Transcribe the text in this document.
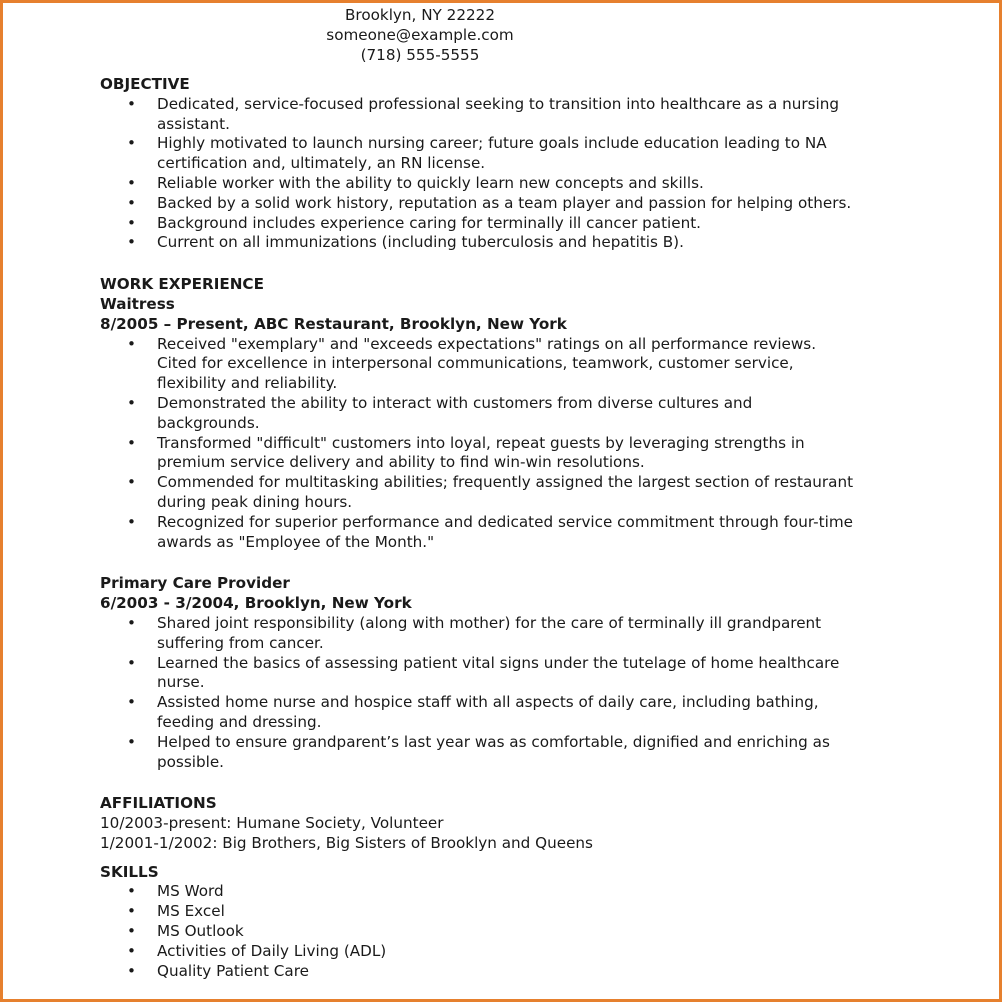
Brooklyn, NY 22222
someone@example.com
(718) 555-5555
OBJECTIVE
• Dedicated, service-focused professional seeking to transition into healthcare as a nursing
assistant.
• Highly motivated to launch nursing career; future goals include education leading to NA
certification and, ultimately, an RN license.
• Reliable worker with the ability to quickly learn new concepts and skills.
• Backed by a solid work history, reputation as a team player and passion for helping others.
• Background includes experience caring for terminally ill cancer patient.
• Current on all immunizations (including tuberculosis and hepatitis B).
WORK EXPERIENCE
Waitress
8/2005 – Present, ABC Restaurant, Brooklyn, New York
• Received "exemplary" and "exceeds expectations" ratings on all performance reviews.
Cited for excellence in interpersonal communications, teamwork, customer service,
flexibility and reliability.
• Demonstrated the ability to interact with customers from diverse cultures and
backgrounds.
• Transformed "difficult" customers into loyal, repeat guests by leveraging strengths in
premium service delivery and ability to find win-win resolutions.
• Commended for multitasking abilities; frequently assigned the largest section of restaurant
during peak dining hours.
• Recognized for superior performance and dedicated service commitment through four-time
awards as "Employee of the Month."
Primary Care Provider
6/2003 - 3/2004, Brooklyn, New York
• Shared joint responsibility (along with mother) for the care of terminally ill grandparent
suffering from cancer.
• Learned the basics of assessing patient vital signs under the tutelage of home healthcare
nurse.
• Assisted home nurse and hospice staff with all aspects of daily care, including bathing,
feeding and dressing.
• Helped to ensure grandparent’s last year was as comfortable, dignified and enriching as
possible.
AFFILIATIONS
10/2003-present: Humane Society, Volunteer
1/2001-1/2002: Big Brothers, Big Sisters of Brooklyn and Queens
SKILLS
• MS Word
• MS Excel
• MS Outlook
• Activities of Daily Living (ADL)
• Quality Patient Care
